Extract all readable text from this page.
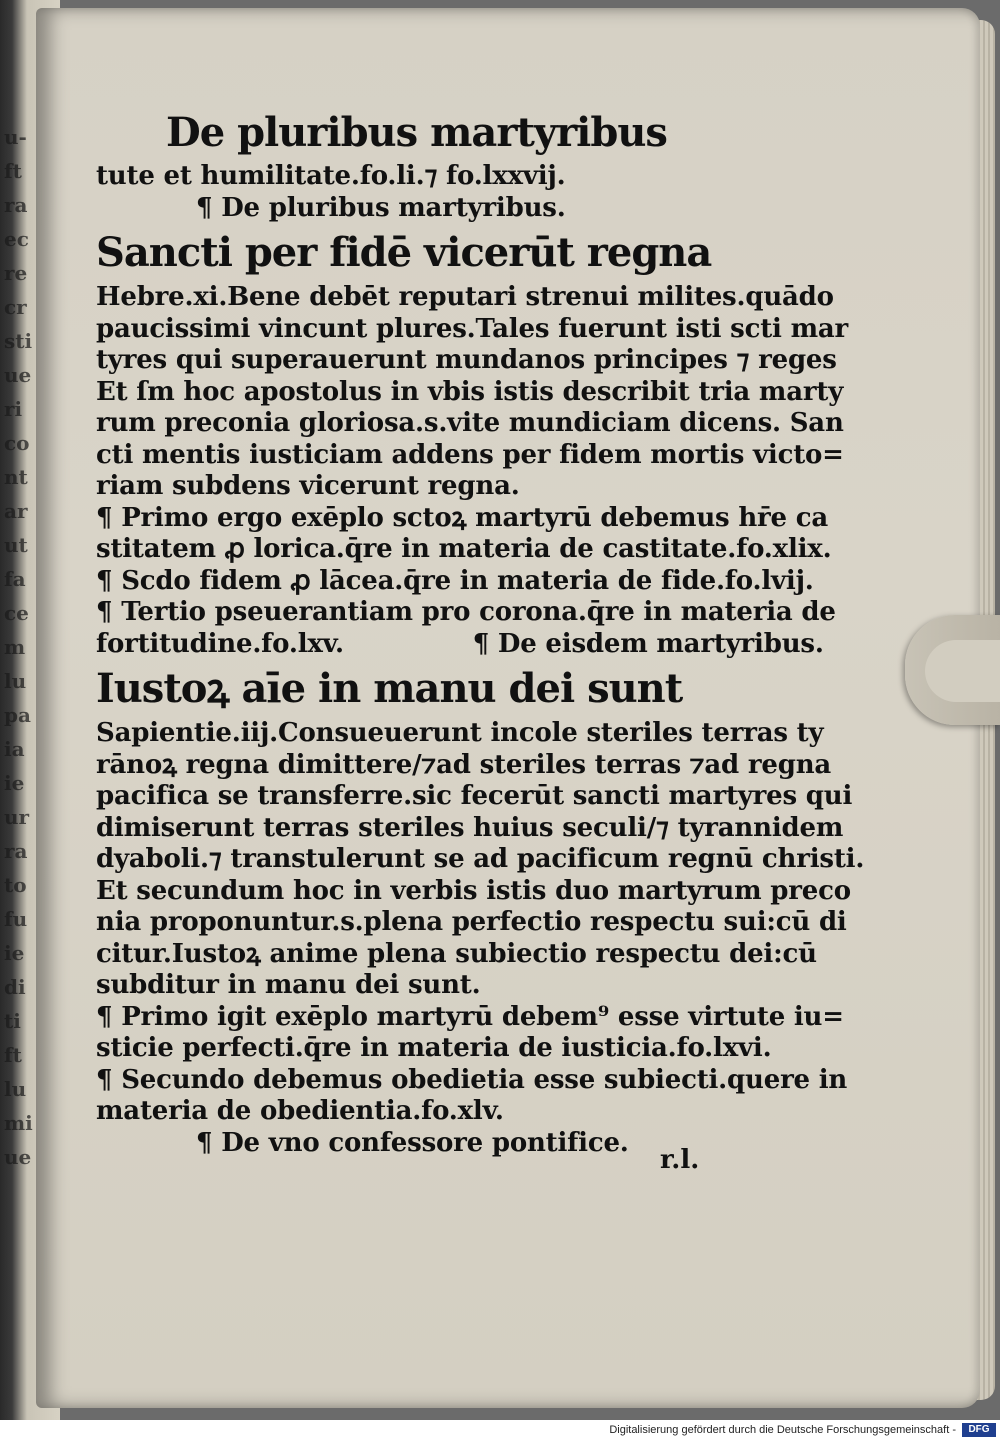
u-
ft
ra
ec
re
cr
sti
ue
ri
co
nt
ar
ut
fa
ce
m
lu
pa
ia
ie
ur
ra
to
fu
ie
di
ti
ft
lu
mi
ue
De pluribus martyribus
tute et humilitate.fo.li.⁊ fo.lxxvij.
¶ De pluribus martyribus.
Sancti per fidē vicerūt regna
Hebre.xi.Bene debēt reputari strenui milites.quādo
paucissimi vincunt plures.Tales fuerunt isti scti mar
tyres qui superauerunt mundanos principes ⁊ reges
Et ſm hoc apostolus in vbis istis describit tria marty
rum preconia gloriosa.s.vite mundiciam dicens. San
cti mentis iusticiam addens per fidem mortis victo=
riam subdens vicerunt regna.
¶ Primo ergo exēplo sctoꝝ martyrū debemus hr̄e ca
stitatem ꝓ lorica.q̄re in materia de castitate.fo.xlix.
¶ Scdo fidem ꝓ lācea.q̄re in materia de fide.fo.lvij.
¶ Tertio pseuerantiam pro corona.q̄re in materia de
fortitudine.fo.lxv.	¶ De eisdem martyribus.
Iustoꝝ aīe in manu dei sunt
Sapientie.iij.Consueuerunt incole steriles terras ty
rānoꝝ regna dimittere/⁊ad steriles terras ⁊ad regna
pacifica se transferre.sic fecerūt sancti martyres qui
dimiserunt terras steriles huius seculi/⁊ tyrannidem
dyaboli.⁊ transtulerunt se ad pacificum regnū christi.
Et secundum hoc in verbis istis duo martyrum preco
nia proponuntur.s.plena perfectio respectu sui:cū di
citur.Iustoꝝ anime plena subiectio respectu dei:cū
subditur in manu dei sunt.
¶ Primo igit exēplo martyrū debem⁹ esse virtute iu=
sticie perfecti.q̄re in materia de iusticia.fo.lxvi.
¶ Secundo debemus obedietia esse subiecti.quere in
materia de obedientia.fo.xlv.
¶ De vno confessore pontifice.
r.l.
Digitalisierung gefördert durch die Deutsche Forschungsgemeinschaft -	DFG
